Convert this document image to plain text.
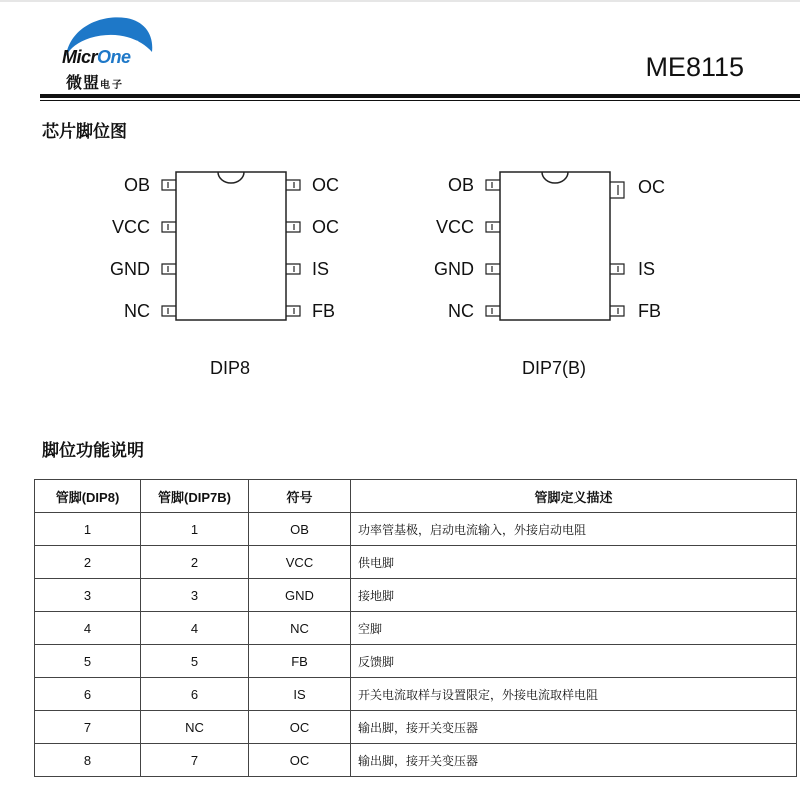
MicrOne
微盟电子
ME8115
芯片脚位图
OB
VCC
GND
NC
OC
OC
IS
FB
DIP8
OB
VCC
GND
NC
OC
IS
FB
DIP7(B)
脚位功能说明
管脚(DIP8)	管脚(DIP7B)	符号	管脚定义描述
1	1	OB	功率管基极，启动电流输入，外接启动电阻
2	2	VCC	供电脚
3	3	GND	接地脚
4	4	NC	空脚
5	5	FB	反馈脚
6	6	IS	开关电流取样与设置限定，外接电流取样电阻
7	NC	OC	输出脚，接开关变压器
8	7	OC	输出脚，接开关变压器
